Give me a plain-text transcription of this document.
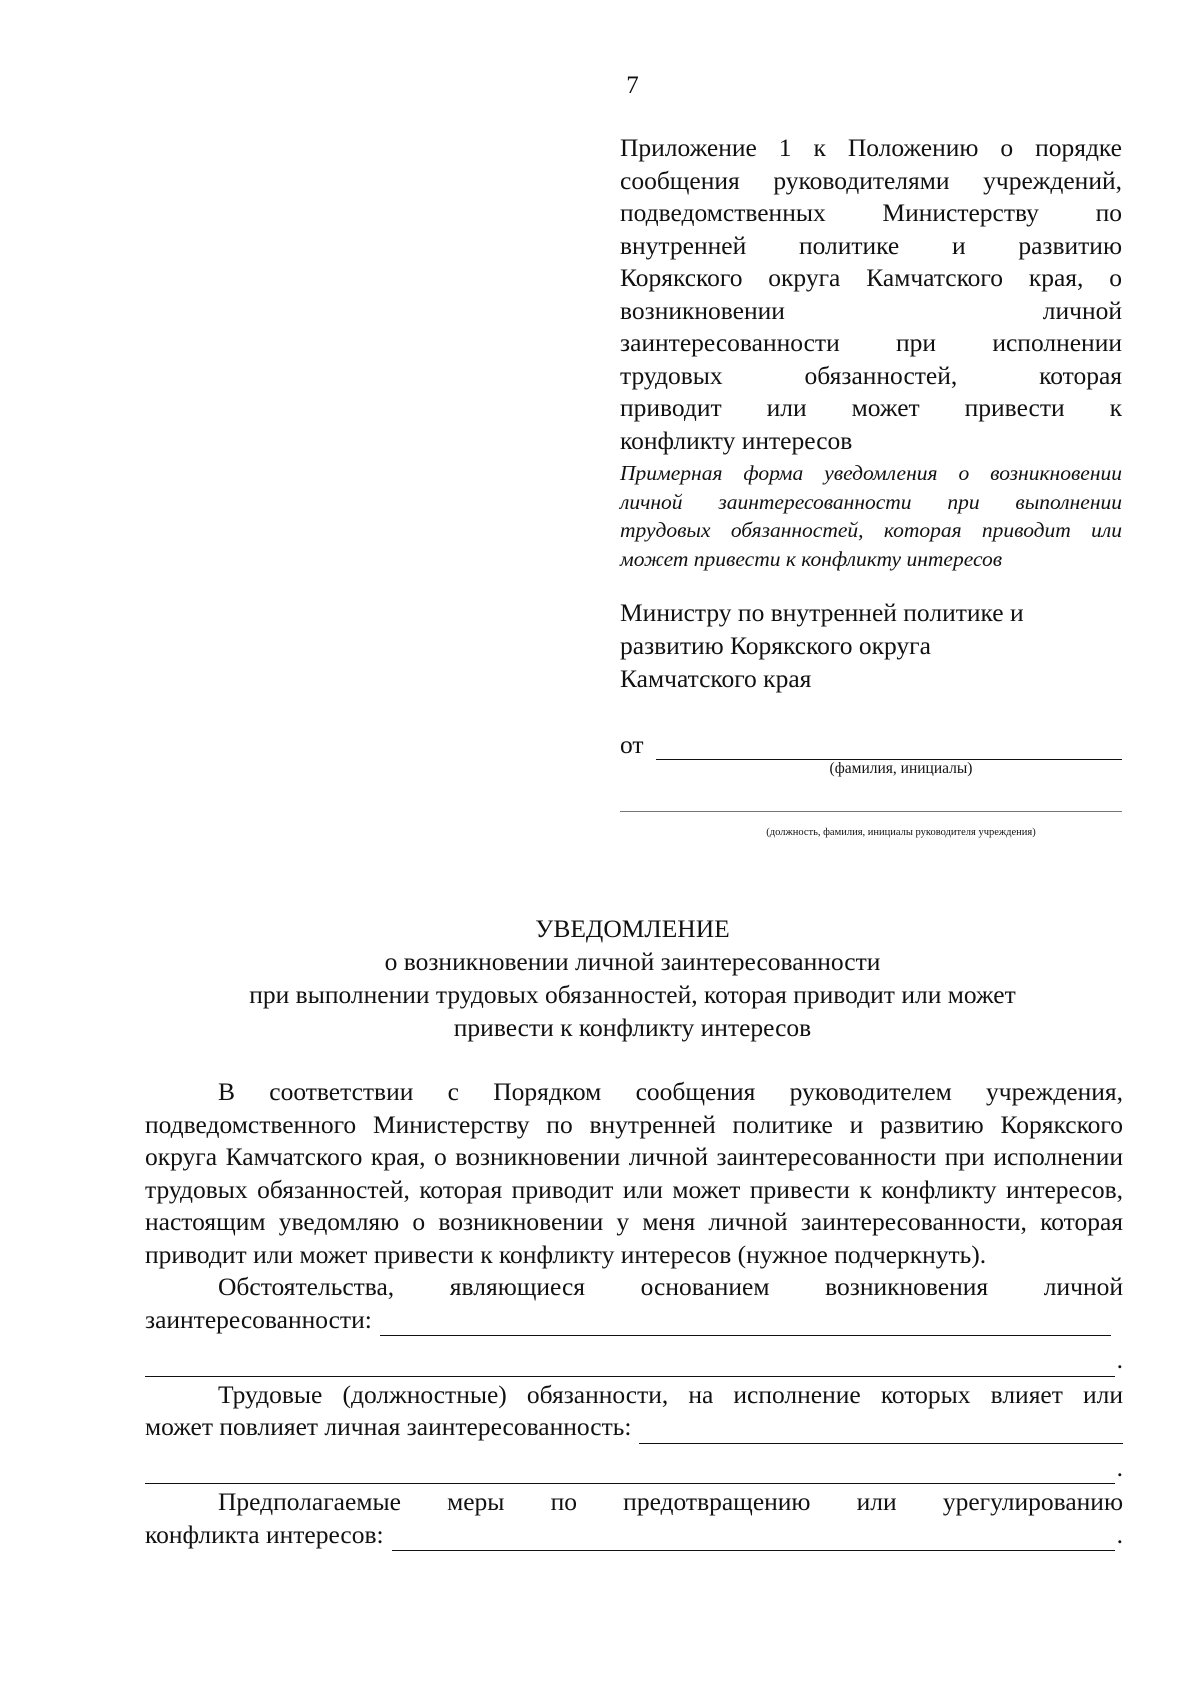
7
Приложение 1 к Положению о порядке
сообщения руководителями учреждений,
подведомственных Министерству по
внутренней политике и развитию
Корякского округа Камчатского края, о
возникновении личной
заинтересованности при исполнении
трудовых обязанностей, которая
приводит или может привести к
конфликту интересов

Примерная форма уведомления о возникновении личной заинтересованности при выполнении трудовых обязанностей, которая приводит или может привести к конфликту интересов

Министру по внутренней политике и
развитию Корякского округа
Камчатского края
от
(фамилия, инициалы)
(должность, фамилия, инициалы руководителя учреждения)
УВЕДОМЛЕНИЕ
о возникновении личной заинтересованности
при выполнении трудовых обязанностей, которая приводит или может
привести к конфликту интересов

В соответствии с Порядком сообщения руководителем учреждения, подведомственного Министерству по внутренней политике и развитию Корякского округа Камчатского края, о возникновении личной заинтересованности при исполнении трудовых обязанностей, которая приводит или может привести к конфликту интересов, настоящим уведомляю о возникновении у меня личной заинтересованности, которая приводит или может привести к конфликту интересов (нужное подчеркнуть).

Обстоятельства, являющиеся основанием возникновения личной

заинтересованности:
.

Трудовые (должностные) обязанности, на исполнение которых влияет или

может повлияет личная заинтересованность:
.

Предполагаемые меры по предотвращению или урегулированию

конфликта интересов:	.
